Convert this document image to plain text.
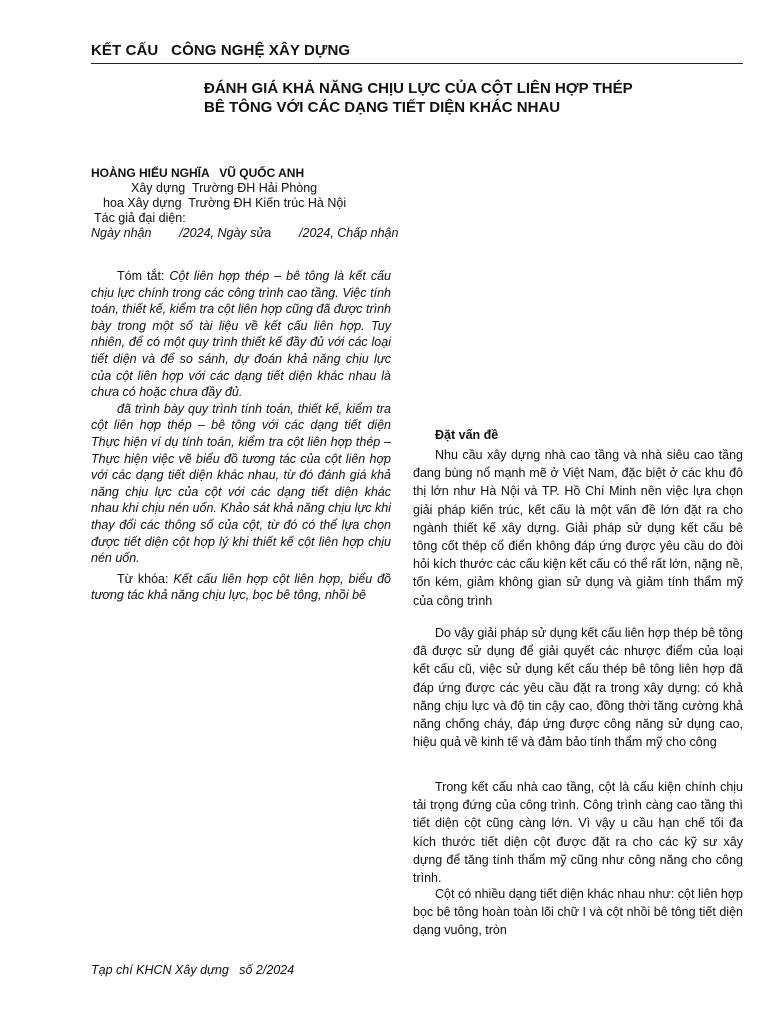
KẾT CẤU   CÔNG NGHỆ XÂY DỰNG
ĐÁNH GIÁ KHẢ NĂNG CHỊU LỰC CỦA CỘT LIÊN HỢP THÉP
BÊ TÔNG VỚI CÁC DẠNG TIẾT DIỆN KHÁC NHAU
HOÀNG HIẾU NGHĨA   VŨ QUỐC ANH
Xây dựng  Trường ĐH Hải Phòng
hoa Xây dựng  Trường ĐH Kiến trúc Hà Nội
Tác giả đại diện:
Ngày nhận        /2024, Ngày sửa        /2024, Chấp nhận

Tóm tắt: Cột liên hợp thép – bê tông là kết cấu chịu lực chính trong các công trình cao tầng. Việc tính toán, thiết kế, kiểm tra cột liên hợp cũng đã được trình bày trong một số tài liệu về kết cấu liên hợp. Tuy nhiên, để có một quy trình thiết kế đầy đủ với các loại tiết diện và để so sánh, dự đoán khả năng chịu lực của cột liên hợp với các dạng tiết diện khác nhau là chưa có hoặc chưa đầy đủ.

đã trình bày quy trình tính toán, thiết kế, kiểm tra cột liên hợp thép – bê tông với các dạng tiết diện Thực hiện ví dụ tính toán, kiểm tra cột liên hợp thép – Thực hiện việc vẽ biểu đồ tương tác của cột liên hợp với các dạng tiết diện khác nhau, từ đó đánh giá khả năng chịu lực của cột với các dạng tiết diện khác nhau khi chịu nén uốn. Khảo sát khả năng chịu lực khi thay đổi các thông số của cột, từ đó có thể lựa chọn được tiết diện cột hợp lý khi thiết kế cột liên hợp chịu nén uốn.

Từ khóa: Kết cấu liên hợp cột liên hợp, biểu đồ tương tác khả năng chịu lực, bọc bê tông, nhồi bê

Đặt vấn đề

Nhu cầu xây dựng nhà cao tầng và nhà siêu cao tầng đang bùng nổ mạnh mẽ ở Việt Nam, đặc biệt ở các khu đô thị lớn như Hà Nội và TP. Hồ Chí Minh nên việc lựa chọn giải pháp kiến trúc, kết cấu là một vấn đề lớn đặt ra cho ngành thiết kế xây dựng. Giải pháp sử dụng kết cấu bê tông cốt thép cổ điển không đáp ứng được yêu cầu do đòi hỏi kích thước các cấu kiện kết cấu có thể rất lớn, nặng nề, tốn kém, giảm không gian sử dụng và giảm tính thẩm mỹ của công trình

Do vậy giải pháp sử dụng kết cấu liên hợp thép bê tông đã được sử dụng để giải quyết các nhược điểm của loại kết cấu cũ, việc sử dụng kết cấu thép bê tông liên hợp đã đáp ứng được các yêu cầu đặt ra trong xây dựng: có khả năng chịu lực và độ tin cậy cao, đồng thời tăng cường khả năng chống cháy, đáp ứng được công năng sử dụng cao, hiệu quả về kinh tế và đảm bảo tính thẩm mỹ cho công

Trong kết cấu nhà cao tầng, cột là cấu kiện chính chịu tải trọng đứng của công trình. Công trình càng cao tầng thì tiết diện cột cũng càng lớn. Vì vậy u cầu hạn chế tối đa kích thước tiết diện cột được đặt ra cho các kỹ sư xây dựng để tăng tính thẩm mỹ cũng như công năng cho công trình.

Cột có nhiều dạng tiết diện khác nhau như: cột liên hợp bọc bê tông hoàn toàn lõi chữ I và cột nhồi bê tông tiết diện dạng vuông, tròn

Tạp chí KHCN Xây dựng   số 2/2024
